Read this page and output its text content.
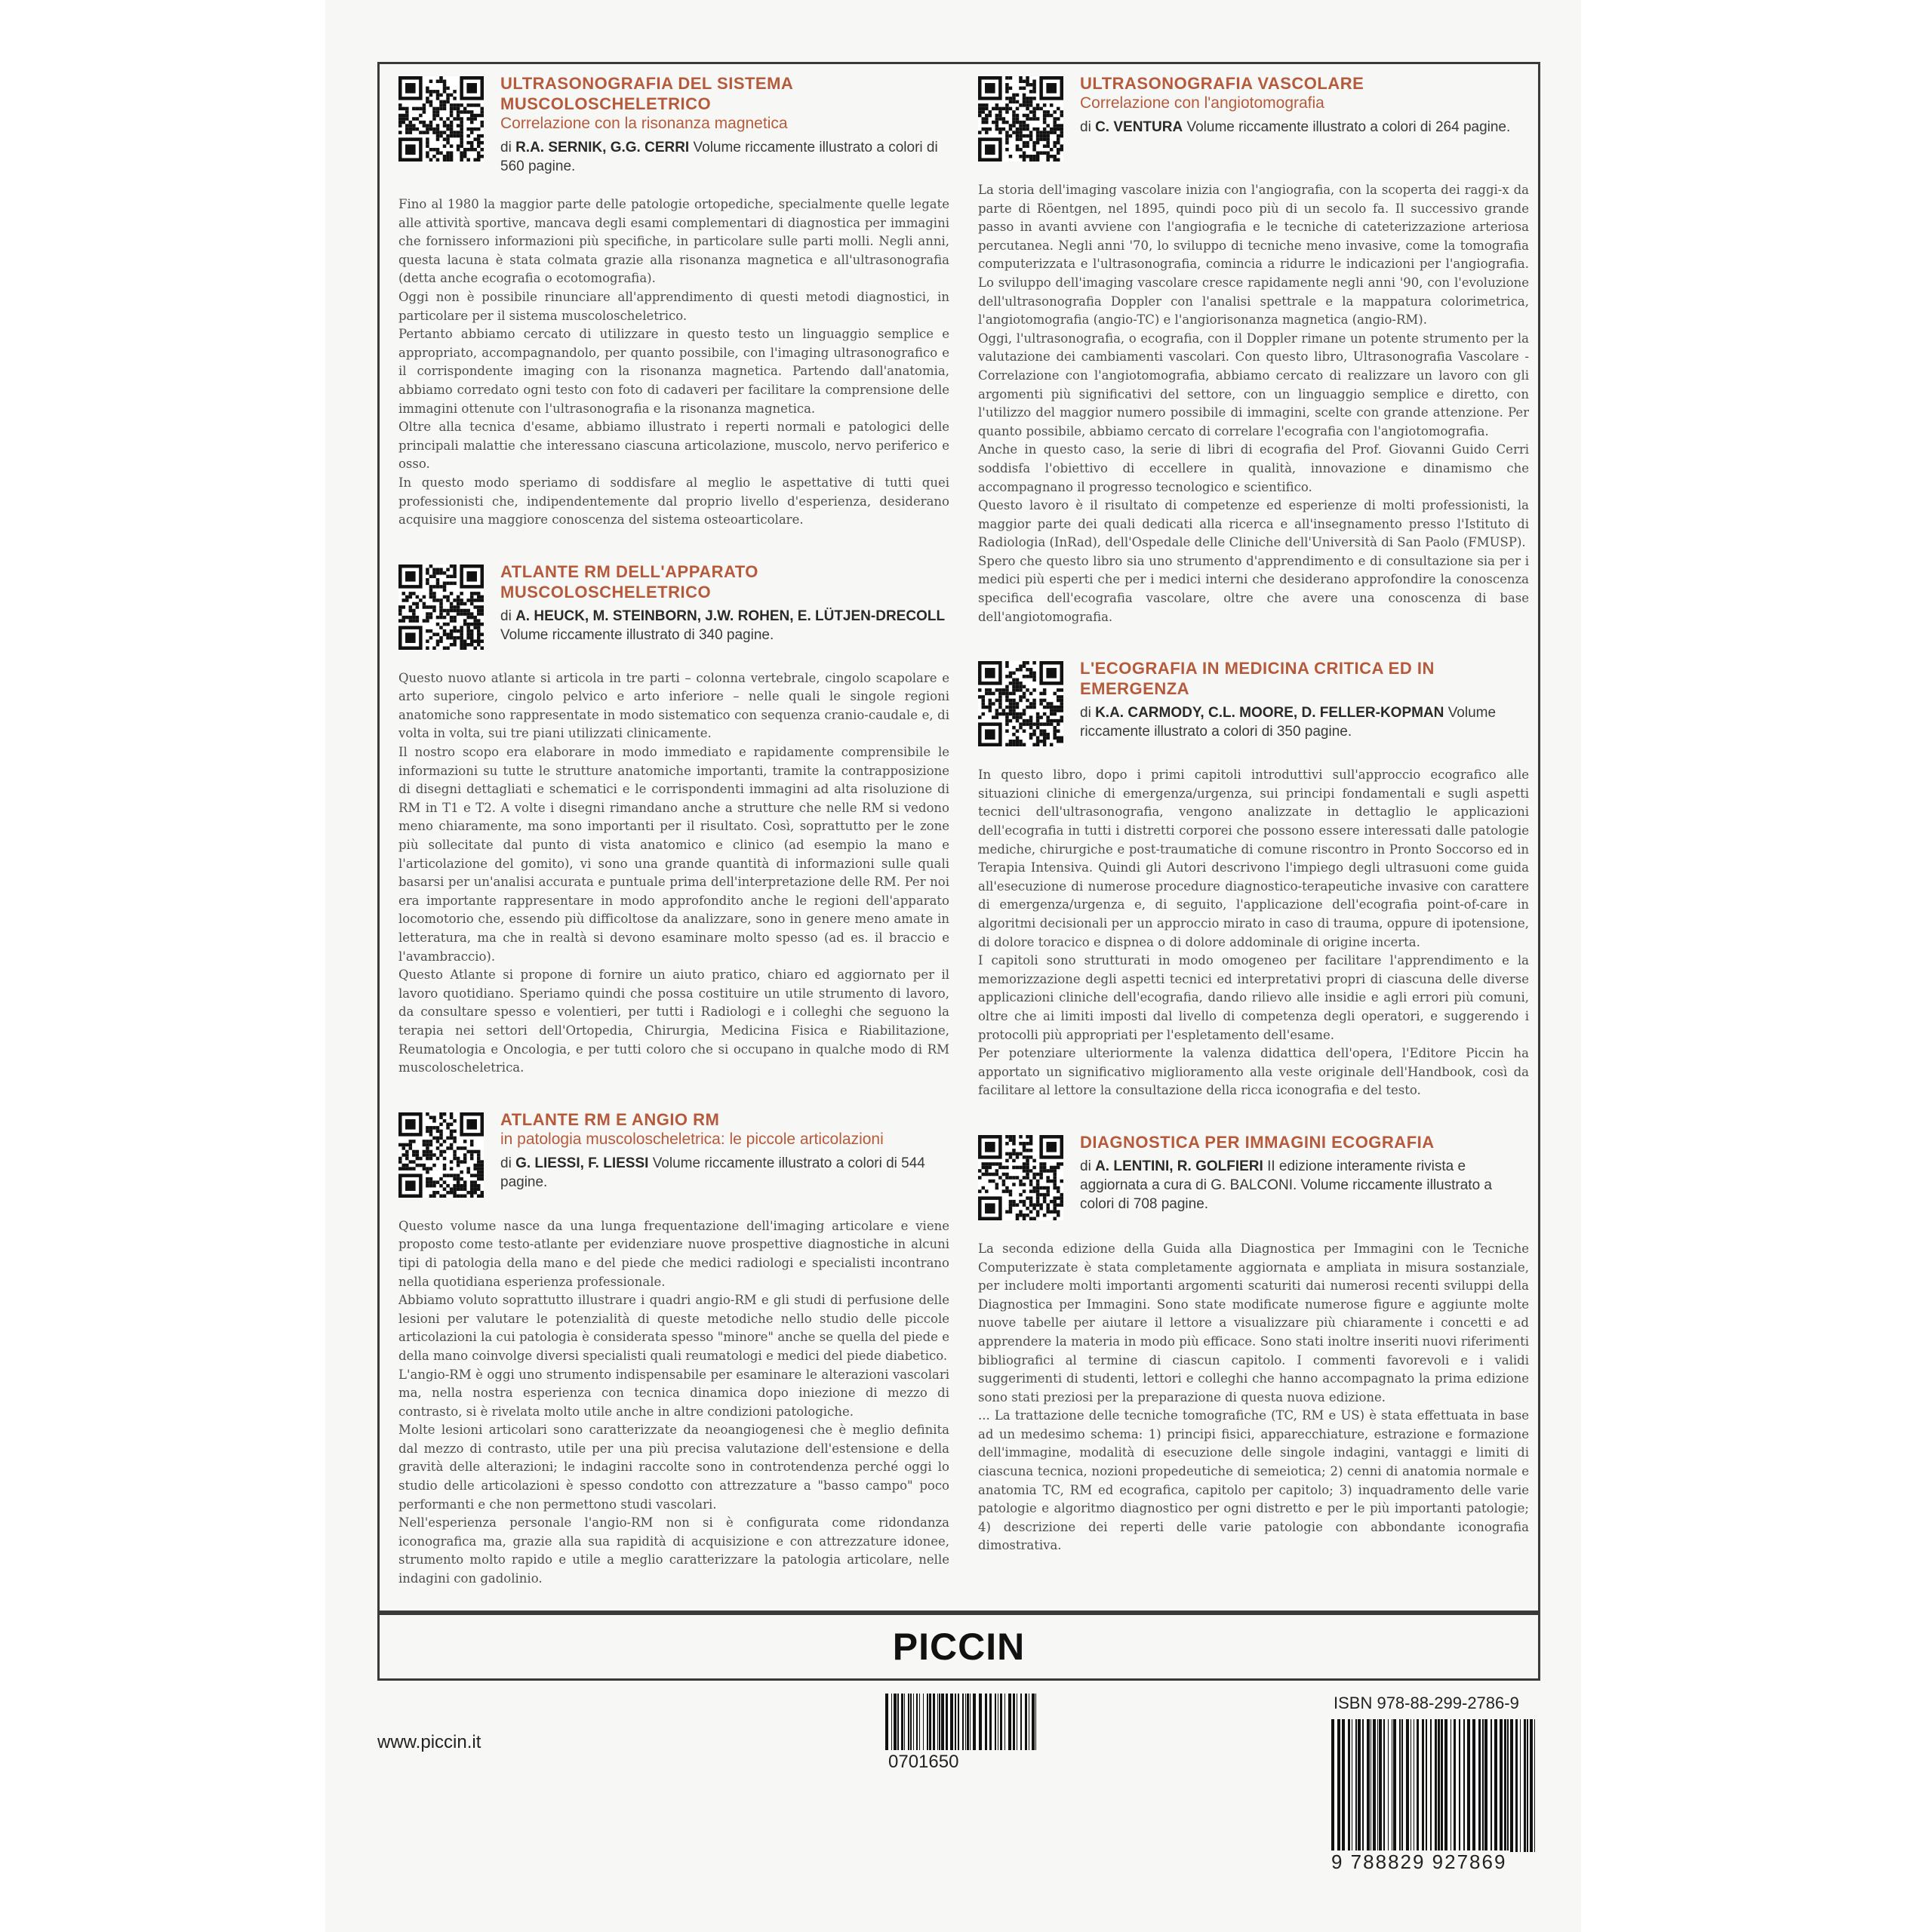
ULTRASONOGRAFIA DEL SISTEMA MUSCOLOSCHELETRICO
Correlazione con la risonanza magnetica
di R.A. SERNIK, G.G. CERRI Volume riccamente illustrato a colori di 560 pagine.

Fino al 1980 la maggior parte delle patologie ortopediche, specialmente quelle legate alle attività sportive, mancava degli esami complementari di diagnostica per immagini che fornissero informazioni più specifiche, in particolare sulle parti molli. Negli anni, questa lacuna è stata colmata grazie alla risonanza magnetica e all'ultrasonografia (detta anche ecografia o ecotomografia).

Oggi non è possibile rinunciare all'apprendimento di questi metodi diagnostici, in particolare per il sistema muscoloscheletrico.

Pertanto abbiamo cercato di utilizzare in questo testo un linguaggio semplice e appropriato, accompagnandolo, per quanto possibile, con l'imaging ultrasonografico e il corrispondente imaging con la risonanza magnetica. Partendo dall'anatomia, abbiamo corredato ogni testo con foto di cadaveri per facilitare la comprensione delle immagini ottenute con l'ultrasonografia e la risonanza magnetica.

Oltre alla tecnica d'esame, abbiamo illustrato i reperti normali e patologici delle principali malattie che interessano ciascuna articolazione, muscolo, nervo periferico e osso.

In questo modo speriamo di soddisfare al meglio le aspettative di tutti quei professionisti che, indipendentemente dal proprio livello d'esperienza, desiderano acquisire una maggiore conoscenza del sistema osteoarticolare.

ATLANTE RM DELL'APPARATO MUSCOLOSCHELETRICO
di A. HEUCK, M. STEINBORN, J.W. ROHEN, E. LÜTJEN-DRECOLL Volume riccamente illustrato di 340 pagine.

Questo nuovo atlante si articola in tre parti – colonna vertebrale, cingolo scapolare e arto superiore, cingolo pelvico e arto inferiore – nelle quali le singole regioni anatomiche sono rappresentate in modo sistematico con sequenza cranio-caudale e, di volta in volta, sui tre piani utilizzati clinicamente.

Il nostro scopo era elaborare in modo immediato e rapidamente comprensibile le informazioni su tutte le strutture anatomiche importanti, tramite la contrapposizione di disegni dettagliati e schematici e le corrispondenti immagini ad alta risoluzione di RM in T1 e T2. A volte i disegni rimandano anche a strutture che nelle RM si vedono meno chiaramente, ma sono importanti per il risultato. Così, soprattutto per le zone più sollecitate dal punto di vista anatomico e clinico (ad esempio la mano e l'articolazione del gomito), vi sono una grande quantità di informazioni sulle quali basarsi per un'analisi accurata e puntuale prima dell'interpretazione delle RM. Per noi era importante rappresentare in modo approfondito anche le regioni dell'apparato locomotorio che, essendo più difficoltose da analizzare, sono in genere meno amate in letteratura, ma che in realtà si devono esaminare molto spesso (ad es. il braccio e l'avambraccio).

Questo Atlante si propone di fornire un aiuto pratico, chiaro ed aggiornato per il lavoro quotidiano. Speriamo quindi che possa costituire un utile strumento di lavoro, da consultare spesso e volentieri, per tutti i Radiologi e i colleghi che seguono la terapia nei settori dell'Ortopedia, Chirurgia, Medicina Fisica e Riabilitazione, Reumatologia e Oncologia, e per tutti coloro che si occupano in qualche modo di RM muscoloscheletrica.

ATLANTE RM E ANGIO RM
in patologia muscoloscheletrica: le piccole articolazioni
di G. LIESSI, F. LIESSI Volume riccamente illustrato a colori di 544 pagine.

Questo volume nasce da una lunga frequentazione dell'imaging articolare e viene proposto come testo-atlante per evidenziare nuove prospettive diagnostiche in alcuni tipi di patologia della mano e del piede che medici radiologi e specialisti incontrano nella quotidiana esperienza professionale.

Abbiamo voluto soprattutto illustrare i quadri angio-RM e gli studi di perfusione delle lesioni per valutare le potenzialità di queste metodiche nello studio delle piccole articolazioni la cui patologia è considerata spesso "minore" anche se quella del piede e della mano coinvolge diversi specialisti quali reumatologi e medici del piede diabetico.

L'angio-RM è oggi uno strumento indispensabile per esaminare le alterazioni vascolari ma, nella nostra esperienza con tecnica dinamica dopo iniezione di mezzo di contrasto, si è rivelata molto utile anche in altre condizioni patologiche.

Molte lesioni articolari sono caratterizzate da neoangiogenesi che è meglio definita dal mezzo di contrasto, utile per una più precisa valutazione dell'estensione e della gravità delle alterazioni; le indagini raccolte sono in controtendenza perché oggi lo studio delle articolazioni è spesso condotto con attrezzature a "basso campo" poco performanti e che non permettono studi vascolari.

Nell'esperienza personale l'angio-RM non si è configurata come ridondanza iconografica ma, grazie alla sua rapidità di acquisizione e con attrezzature idonee, strumento molto rapido e utile a meglio caratterizzare la patologia articolare, nelle indagini con gadolinio.

ULTRASONOGRAFIA VASCOLARE
Correlazione con l'angiotomografia
di C. VENTURA Volume riccamente illustrato a colori di 264 pagine.

La storia dell'imaging vascolare inizia con l'angiografia, con la scoperta dei raggi-x da parte di Röentgen, nel 1895, quindi poco più di un secolo fa. Il successivo grande passo in avanti avviene con l'angiografia e le tecniche di cateterizzazione arteriosa percutanea. Negli anni '70, lo sviluppo di tecniche meno invasive, come la tomografia computerizzata e l'ultrasonografia, comincia a ridurre le indicazioni per l'angiografia. Lo sviluppo dell'imaging vascolare cresce rapidamente negli anni '90, con l'evoluzione dell'ultrasonografia Doppler con l'analisi spettrale e la mappatura colorimetrica, l'angiotomografia (angio-TC) e l'angiorisonanza magnetica (angio-RM).

Oggi, l'ultrasonografia, o ecografia, con il Doppler rimane un potente strumento per la valutazione dei cambiamenti vascolari. Con questo libro, Ultrasonografia Vascolare - Correlazione con l'angiotomografia, abbiamo cercato di realizzare un lavoro con gli argomenti più significativi del settore, con un linguaggio semplice e diretto, con l'utilizzo del maggior numero possibile di immagini, scelte con grande attenzione. Per quanto possibile, abbiamo cercato di correlare l'ecografia con l'angiotomografia.

Anche in questo caso, la serie di libri di ecografia del Prof. Giovanni Guido Cerri soddisfa l'obiettivo di eccellere in qualità, innovazione e dinamismo che accompagnano il progresso tecnologico e scientifico.

Questo lavoro è il risultato di competenze ed esperienze di molti professionisti, la maggior parte dei quali dedicati alla ricerca e all'insegnamento presso l'Istituto di Radiologia (InRad), dell'Ospedale delle Cliniche dell'Università di San Paolo (FMUSP).

Spero che questo libro sia uno strumento d'apprendimento e di consultazione sia per i medici più esperti che per i medici interni che desiderano approfondire la conoscenza specifica dell'ecografia vascolare, oltre che avere una conoscenza di base dell'angiotomografia.

L'ECOGRAFIA IN MEDICINA CRITICA ED IN EMERGENZA
di K.A. CARMODY, C.L. MOORE, D. FELLER-KOPMAN Volume riccamente illustrato a colori di 350 pagine.

In questo libro, dopo i primi capitoli introduttivi sull'approccio ecografico alle situazioni cliniche di emergenza/urgenza, sui principi fondamentali e sugli aspetti tecnici dell'ultrasonografia, vengono analizzate in dettaglio le applicazioni dell'ecografia in tutti i distretti corporei che possono essere interessati dalle patologie mediche, chirurgiche e post-traumatiche di comune riscontro in Pronto Soccorso ed in Terapia Intensiva. Quindi gli Autori descrivono l'impiego degli ultrasuoni come guida all'esecuzione di numerose procedure diagnostico-terapeutiche invasive con carattere di emergenza/urgenza e, di seguito, l'applicazione dell'ecografia point-of-care in algoritmi decisionali per un approccio mirato in caso di trauma, oppure di ipotensione, di dolore toracico e dispnea o di dolore addominale di origine incerta.

I capitoli sono strutturati in modo omogeneo per facilitare l'apprendimento e la memorizzazione degli aspetti tecnici ed interpretativi propri di ciascuna delle diverse applicazioni cliniche dell'ecografia, dando rilievo alle insidie e agli errori più comuni, oltre che ai limiti imposti dal livello di competenza degli operatori, e suggerendo i protocolli più appropriati per l'espletamento dell'esame.

Per potenziare ulteriormente la valenza didattica dell'opera, l'Editore Piccin ha apportato un significativo miglioramento alla veste originale dell'Handbook, così da facilitare al lettore la consultazione della ricca iconografia e del testo.

DIAGNOSTICA PER IMMAGINI ECOGRAFIA
di A. LENTINI, R. GOLFIERI II edizione interamente rivista e aggiornata a cura di G. BALCONI. Volume riccamente illustrato a colori di 708 pagine.

La seconda edizione della Guida alla Diagnostica per Immagini con le Tecniche Computerizzate è stata completamente aggiornata e ampliata in misura sostanziale, per includere molti importanti argomenti scaturiti dai numerosi recenti sviluppi della Diagnostica per Immagini. Sono state modificate numerose figure e aggiunte molte nuove tabelle per aiutare il lettore a visualizzare più chiaramente i concetti e ad apprendere la materia in modo più efficace. Sono stati inoltre inseriti nuovi riferimenti bibliografici al termine di ciascun capitolo. I commenti favorevoli e i validi suggerimenti di studenti, lettori e colleghi che hanno accompagnato la prima edizione sono stati preziosi per la preparazione di questa nuova edizione.

... La trattazione delle tecniche tomografiche (TC, RM e US) è stata effettuata in base ad un medesimo schema: 1) principi fisici, apparecchiature, estrazione e formazione dell'immagine, modalità di esecuzione delle singole indagini, vantaggi e limiti di ciascuna tecnica, nozioni propedeutiche di semeiotica; 2) cenni di anatomia normale e anatomia TC, RM ed ecografica, capitolo per capitolo; 3) inquadramento delle varie patologie e algoritmo diagnostico per ogni distretto e per le più importanti patologie; 4) descrizione dei reperti delle varie patologie con abbondante iconografia dimostrativa.

PICCIN
www.piccin.it
0701650
ISBN 978-88-299-2786-9
9 788829 927869
